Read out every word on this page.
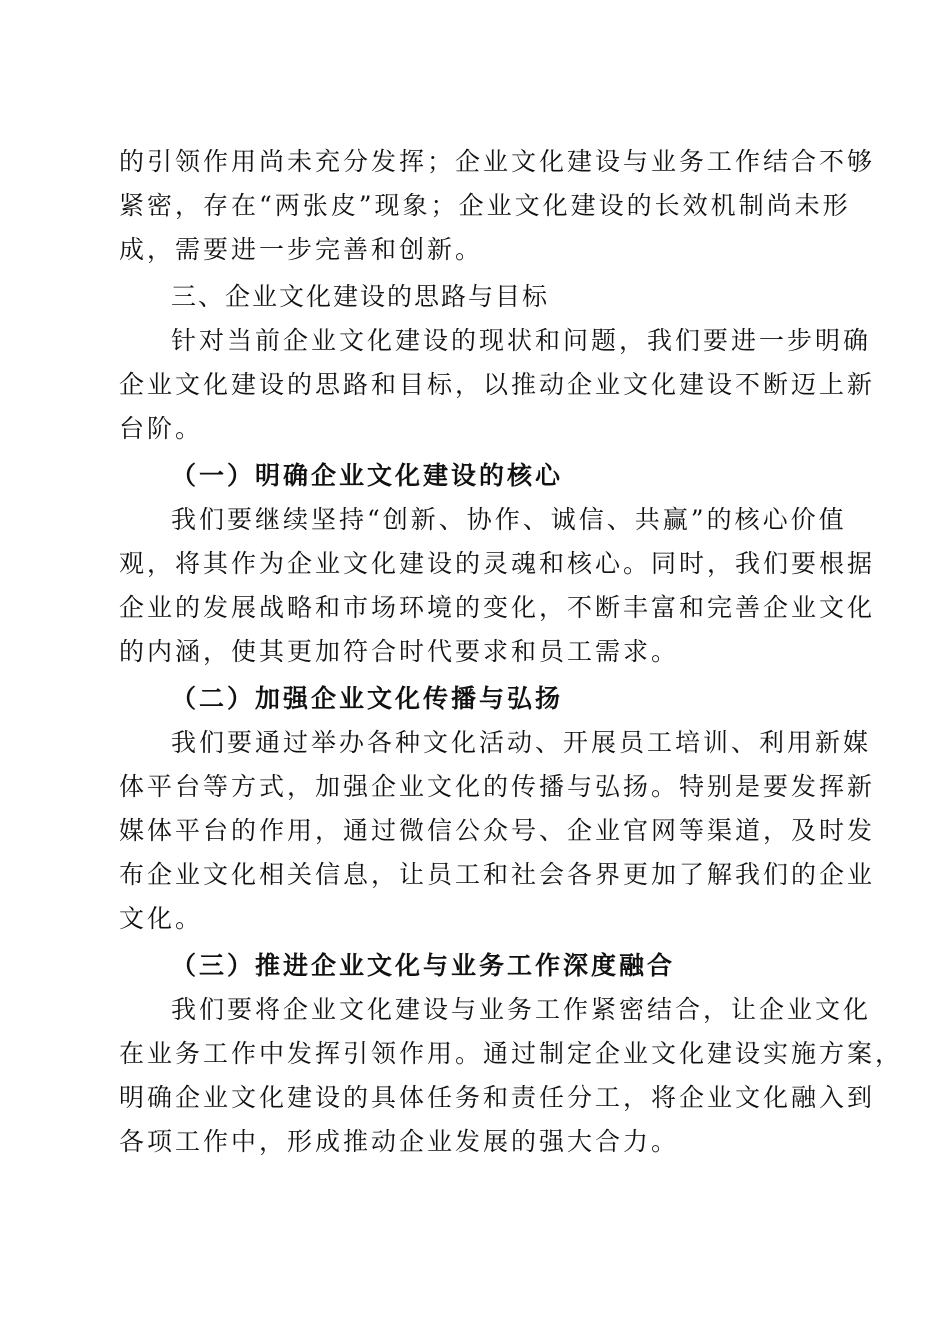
的引领作用尚未充分发挥；企业文化建设与业务工作结合不够
紧密，存在“两张皮”现象；企业文化建设的长效机制尚未形
成，需要进一步完善和创新。
三、企业文化建设的思路与目标
针对当前企业文化建设的现状和问题，我们要进一步明确
企业文化建设的思路和目标，以推动企业文化建设不断迈上新
台阶。
（一）明确企业文化建设的核心
我们要继续坚持“创新、协作、诚信、共赢”的核心价值
观，将其作为企业文化建设的灵魂和核心。同时，我们要根据
企业的发展战略和市场环境的变化，不断丰富和完善企业文化
的内涵，使其更加符合时代要求和员工需求。
（二）加强企业文化传播与弘扬
我们要通过举办各种文化活动、开展员工培训、利用新媒
体平台等方式，加强企业文化的传播与弘扬。特别是要发挥新
媒体平台的作用，通过微信公众号、企业官网等渠道，及时发
布企业文化相关信息，让员工和社会各界更加了解我们的企业
文化。
（三）推进企业文化与业务工作深度融合
我们要将企业文化建设与业务工作紧密结合，让企业文化
在业务工作中发挥引领作用。通过制定企业文化建设实施方案，
明确企业文化建设的具体任务和责任分工，将企业文化融入到
各项工作中，形成推动企业发展的强大合力。
